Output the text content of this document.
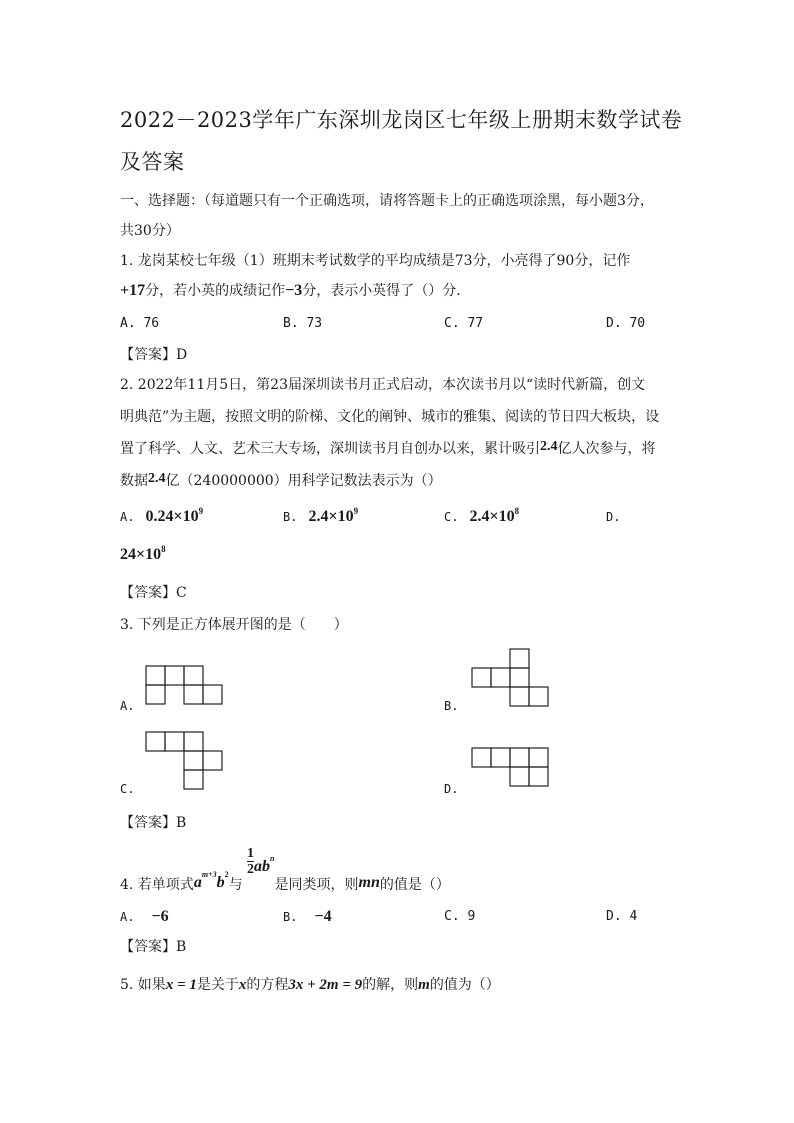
2022－2023学年广东深圳龙岗区七年级上册期末数学试卷
及答案
一、选择题：（每道题只有一个正确选项，请将答题卡上的正确选项涂黑，每小题3分，
共30分）
1. 龙岗某校七年级（1）班期末考试数学的平均成绩是73分，小亮得了90分，记作
+17分，若小英的成绩记作−3分，表示小英得了（）分.
A. 76	B. 73	C. 77	D. 70
【答案】D
2. 2022年11月5日，第23届深圳读书月正式启动，本次读书月以“读时代新篇，创文
明典范”为主题，按照文明的阶梯、文化的阐钟、城市的雅集、阅读的节日四大板块，设
置了科学、人文、艺术三大专场，深圳读书月自创办以来，累计吸引2.4亿人次参与，将
数据2.4亿（240000000）用科学记数法表示为（）
A. $0.24\times 10^9$	B. $2.4\times 10^9$	C. $2.4\times 10^8$	D.
$24\times 10^8$
【答案】C
3. 下列是正方体展开图的是（　　）
A.	B.
C.	D.
【答案】B
4. 若单项式$a^{m+3}b^2$与
$\frac{1}{2} ab^n$是同类项，则mn的值是（）
A. −6	B. −4	C. 9	D. 4
【答案】B
5. 如果x = 1是关于x的方程3x + 2m = 9的解，则m的值为（）
